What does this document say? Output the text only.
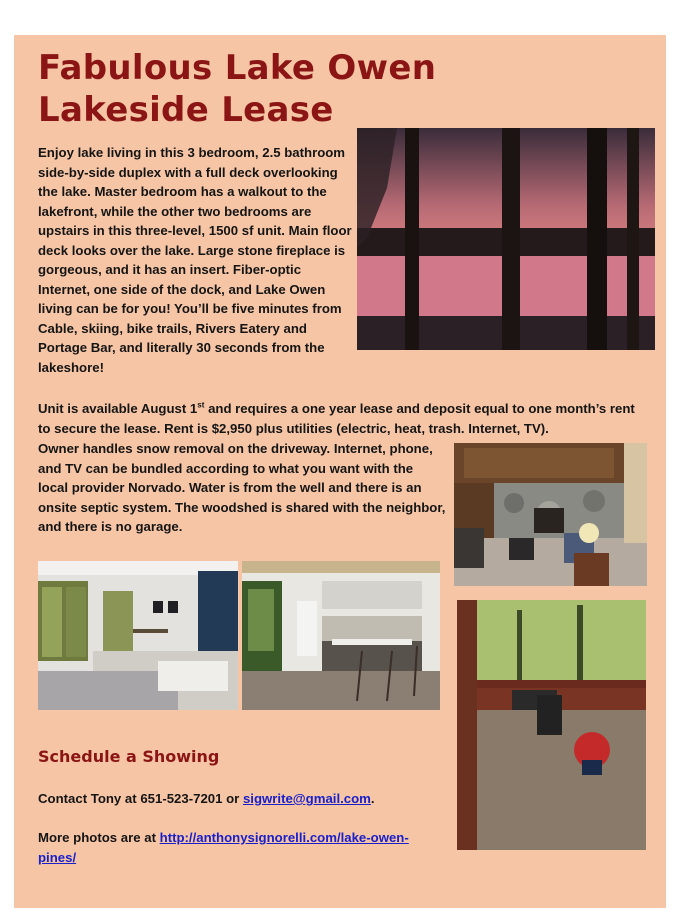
Fabulous Lake Owen
Lakeside Lease

Enjoy lake living in this 3 bedroom, 2.5 bathroom side-by-side duplex with a full deck overlooking the lake. Master bedroom has a walkout to the lakefront, while the other two bedrooms are upstairs in this three-level, 1500 sf unit. Main floor deck looks over the lake. Large stone fireplace is gorgeous, and it has an insert. Fiber-optic Internet, one side of the dock, and Lake Owen living can be for you! You’ll be five minutes from Cable, skiing, bike trails, Rivers Eatery and Portage Bar, and literally 30 seconds from the lakeshore!

Unit is available August 1st and requires a one year lease and deposit equal to one month’s rent to secure the lease. Rent is $2,950 plus utilities (electric, heat, trash. Internet, TV).

Owner handles snow removal on the driveway. Internet, phone, and TV can be bundled according to what you want with the local provider Norvado. Water is from the well and there is an onsite septic system. The woodshed is shared with the neighbor, and there is no garage.

Schedule a Showing

Contact Tony at 651-523-7201 or sigwrite@gmail.com.

More photos are at http://anthonysignorelli.com/lake-owen-pines/
